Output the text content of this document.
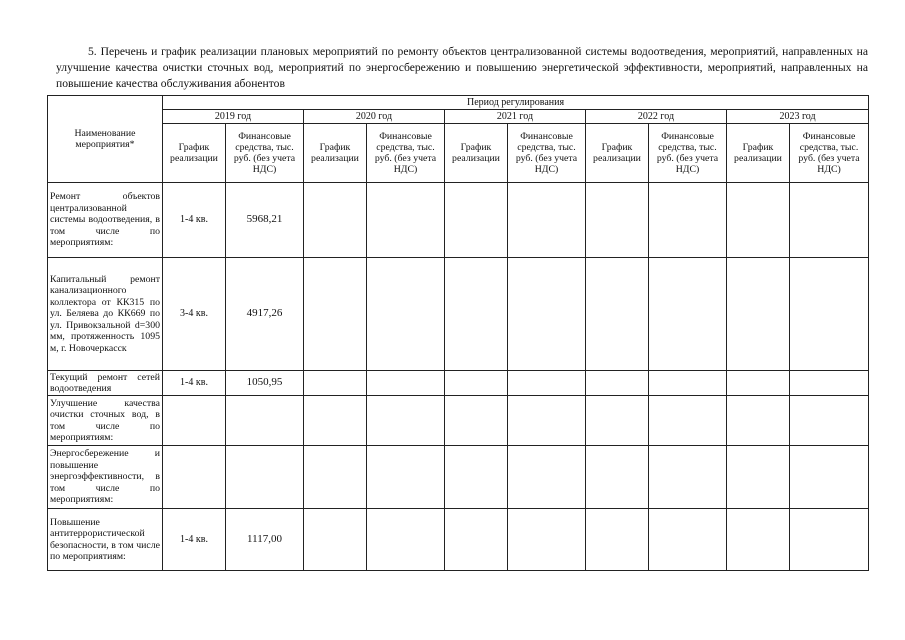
5. Перечень и график реализации плановых мероприятий по ремонту объектов централизованной системы водоотведения, мероприятий, направленных на улучшение качества очистки сточных вод, мероприятий по энергосбережению и повышению энергетической эффективности, мероприятий, направленных на повышение качества обслуживания абонентов
Наименование мероприятия*	Период регулирования									
	2019 год		2020 год		2021 год		2022 год		2023 год	
	График реализации	Финансовые средства, тыс. руб. (без учета НДС)	График реализации	Финансовые средства, тыс. руб. (без учета НДС)	График реализации	Финансовые средства, тыс. руб. (без учета НДС)	График реализации	Финансовые средства, тыс. руб. (без учета НДС)	График реализации	Финансовые средства, тыс. руб. (без учета НДС)
Ремонт объектов централизованной системы водоотведения, в том числе по мероприятиям:	1-4 кв.	5968,21								
Капитальный ремонт канализационного коллектора от КК315 по ул. Беляева до КК669 по ул. Привокзальной d=300 мм, протяженность 1095 м, г. Новочеркасск	3-4 кв.	4917,26								
Текущий ремонт сетей водоотведения	1-4 кв.	1050,95								
Улучшение качества очистки сточных вод, в том числе по мероприятиям:										
Энергосбережение и повышение энергоэффективности, в том числе по мероприятиям:										
Повышение антитеррористической безопасности, в том числе по мероприятиям:	1-4 кв.	1117,00								
